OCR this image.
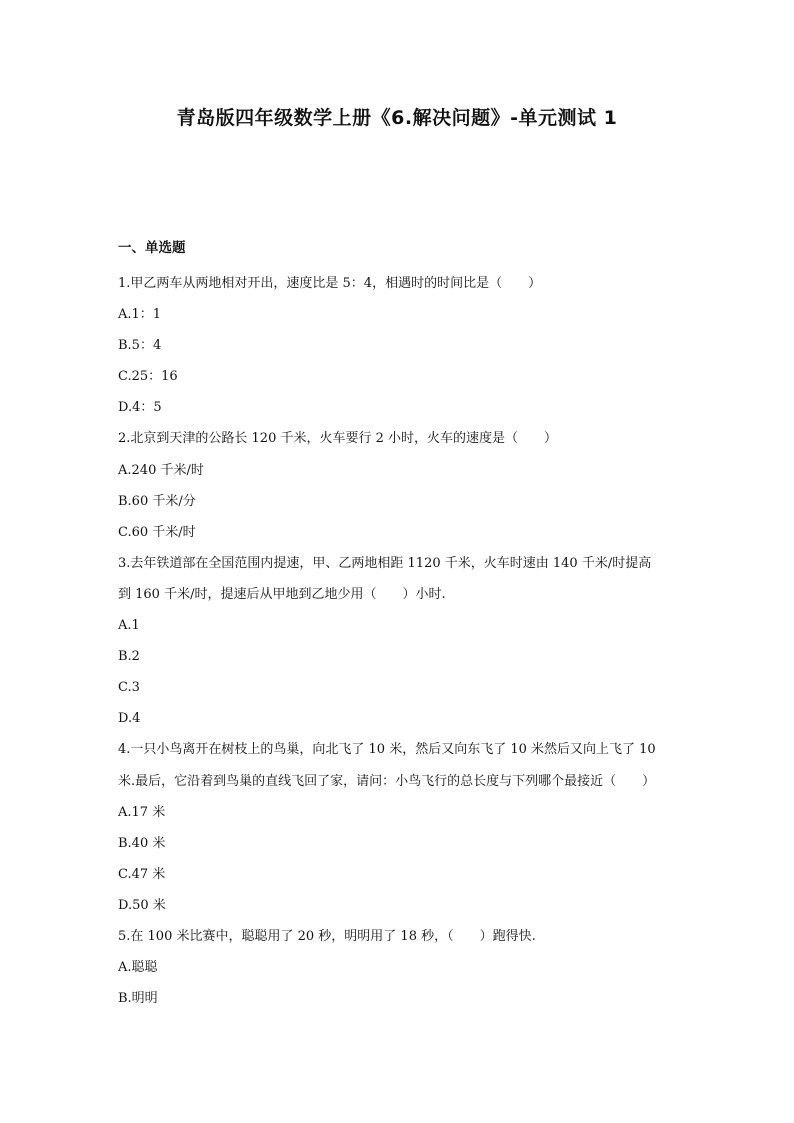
青岛版四年级数学上册《6.解决问题》-单元测试 1
一、单选题
1.甲乙两车从两地相对开出，速度比是 5：4，相遇时的时间比是（　　）
A.1：1
B.5：4
C.25：16
D.4：5
2.北京到天津的公路长 120 千米，火车要行 2 小时，火车的速度是（　　）
A.240 千米/时
B.60 千米/分
C.60 千米/时
3.去年铁道部在全国范围内提速，甲、乙两地相距 1120 千米，火车时速由 140 千米/时提高
到 160 千米/时，提速后从甲地到乙地少用（　　）小时.
A.1
B.2
C.3
D.4
4.一只小鸟离开在树枝上的鸟巢，向北飞了 10 米，然后又向东飞了 10 米然后又向上飞了 10
米.最后，它沿着到鸟巢的直线飞回了家，请问：小鸟飞行的总长度与下列哪个最接近（　　）
A.17 米
B.40 米
C.47 米
D.50 米
5.在 100 米比赛中，聪聪用了 20 秒，明明用了 18 秒，（　　）跑得快.
A.聪聪
B.明明
